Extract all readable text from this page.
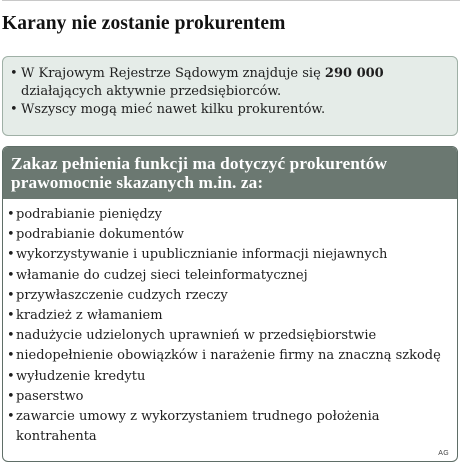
Karany nie zostanie prokurentem
• W Krajowym Rejestrze Sądowym znajduje się 290 000
działających aktywnie przedsiębiorców.
• Wszyscy mogą mieć nawet kilku prokurentów.
Zakaz pełnienia funkcji ma dotyczyć prokurentów prawomocnie skazanych m.in. za:
• podrabianie pieniędzy
• podrabianie dokumentów
• wykorzystywanie i upublicznianie informacji niejawnych
• włamanie do cudzej sieci teleinformatycznej
• przywłaszczenie cudzych rzeczy
• kradzież z włamaniem
• nadużycie udzielonych uprawnień w przedsiębiorstwie
• niedopełnienie obowiązków i narażenie firmy na znaczną szkodę
• wyłudzenie kredytu
• paserstwo
• zawarcie umowy z wykorzystaniem trudnego położenia kontrahenta
AG
